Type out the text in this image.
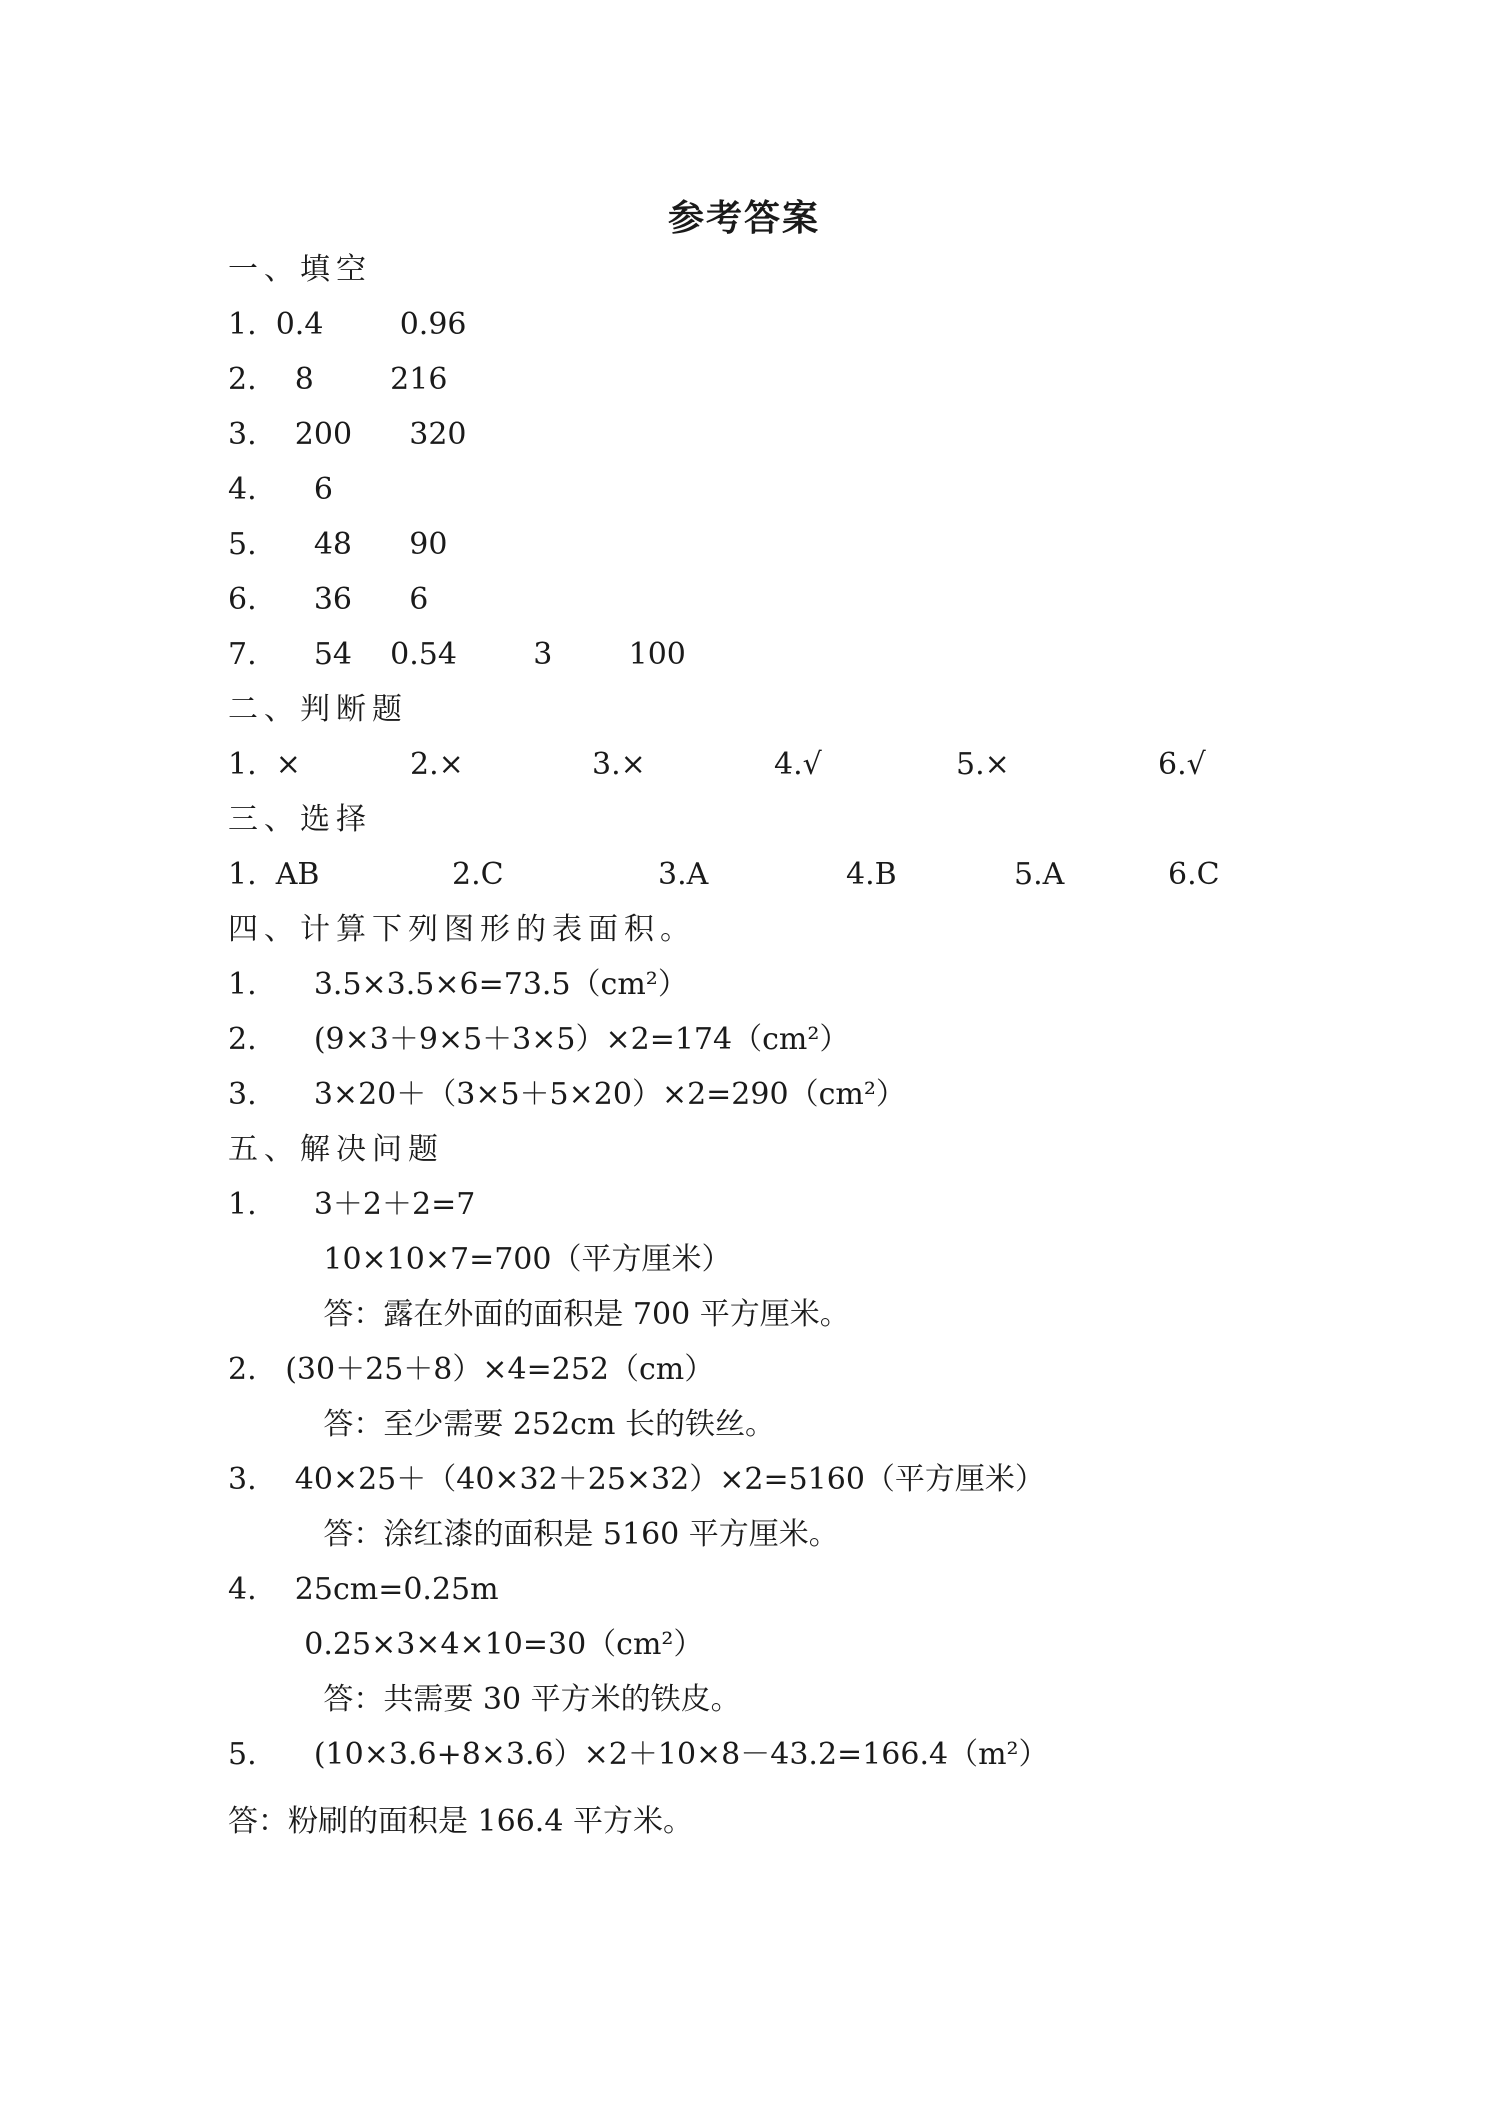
参考答案
一、填空
1.  0.4        0.96
2.    8        216
3.    200      320
4.      6
5.      48      90
6.      36      6
7.      54    0.54        3        100
二、判断题
1.  ×	2.×	3.×	4.√	5.×	6.√
三、选择
1.  AB	2.C	3.A	4.B	5.A	6.C
四、计算下列图形的表面积。
1.      3.5×3.5×6=73.5（cm²）
2.      (9×3＋9×5＋3×5）×2=174（cm²）
3.      3×20＋（3×5＋5×20）×2=290（cm²）
五、解决问题
1.      3＋2＋2=7
10×10×7=700（平方厘米）
答：露在外面的面积是 700 平方厘米。
2.   (30＋25＋8）×4=252（cm）
答：至少需要 252cm 长的铁丝。
3.    40×25＋（40×32＋25×32）×2=5160（平方厘米）
答：涂红漆的面积是 5160 平方厘米。
4.    25cm=0.25m
0.25×3×4×10=30（cm²）
答：共需要 30 平方米的铁皮。
5.      (10×3.6+8×3.6）×2＋10×8－43.2=166.4（m²）
答：粉刷的面积是 166.4 平方米。
